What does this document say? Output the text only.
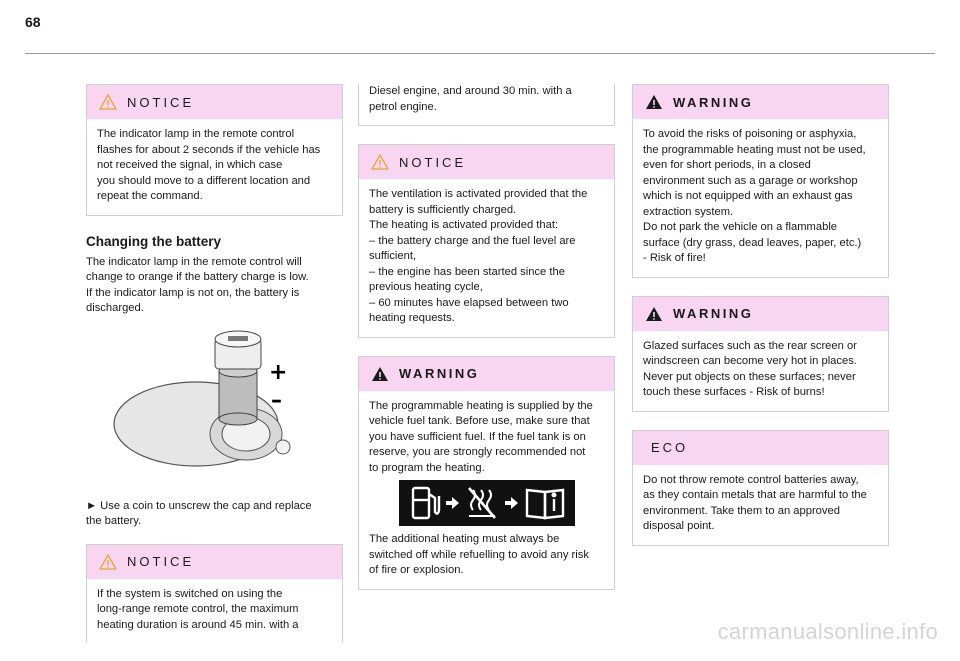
68
NOTICE

The indicator lamp in the remote control

flashes for about 2 seconds if the vehicle has

not received the signal, in which case

you should move to a different location and

repeat the command.

Changing the battery

The indicator lamp in the remote control will

change to orange if the battery charge is low.

If the indicator lamp is not on, the battery is

discharged.

+
–

► Use a coin to unscrew the cap and replace

the battery.

NOTICE

If the system is switched on using the

long-range remote control, the maximum

heating duration is around 45 min. with a

Diesel engine, and around 30 min. with a

petrol engine.

NOTICE

The ventilation is activated provided that the

battery is sufficiently charged.

The heating is activated provided that:

– the battery charge and the fuel level are

sufficient,

– the engine has been started since the

previous heating cycle,

– 60 minutes have elapsed between two

heating requests.

WARNING

The programmable heating is supplied by the

vehicle fuel tank. Before use, make sure that

you have sufficient fuel. If the fuel tank is on

reserve, you are strongly recommended not

to program the heating.

The additional heating must always be

switched off while refuelling to avoid any risk

of fire or explosion.

WARNING

To avoid the risks of poisoning or asphyxia,

the programmable heating must not be used,

even for short periods, in a closed

environment such as a garage or workshop

which is not equipped with an exhaust gas

extraction system.

Do not park the vehicle on a flammable

surface (dry grass, dead leaves, paper, etc.)

- Risk of fire!

WARNING

Glazed surfaces such as the rear screen or

windscreen can become very hot in places.

Never put objects on these surfaces; never

touch these surfaces - Risk of burns!

ECO

Do not throw remote control batteries away,

as they contain metals that are harmful to the

environment. Take them to an approved

disposal point.

carmanualsonline.info
